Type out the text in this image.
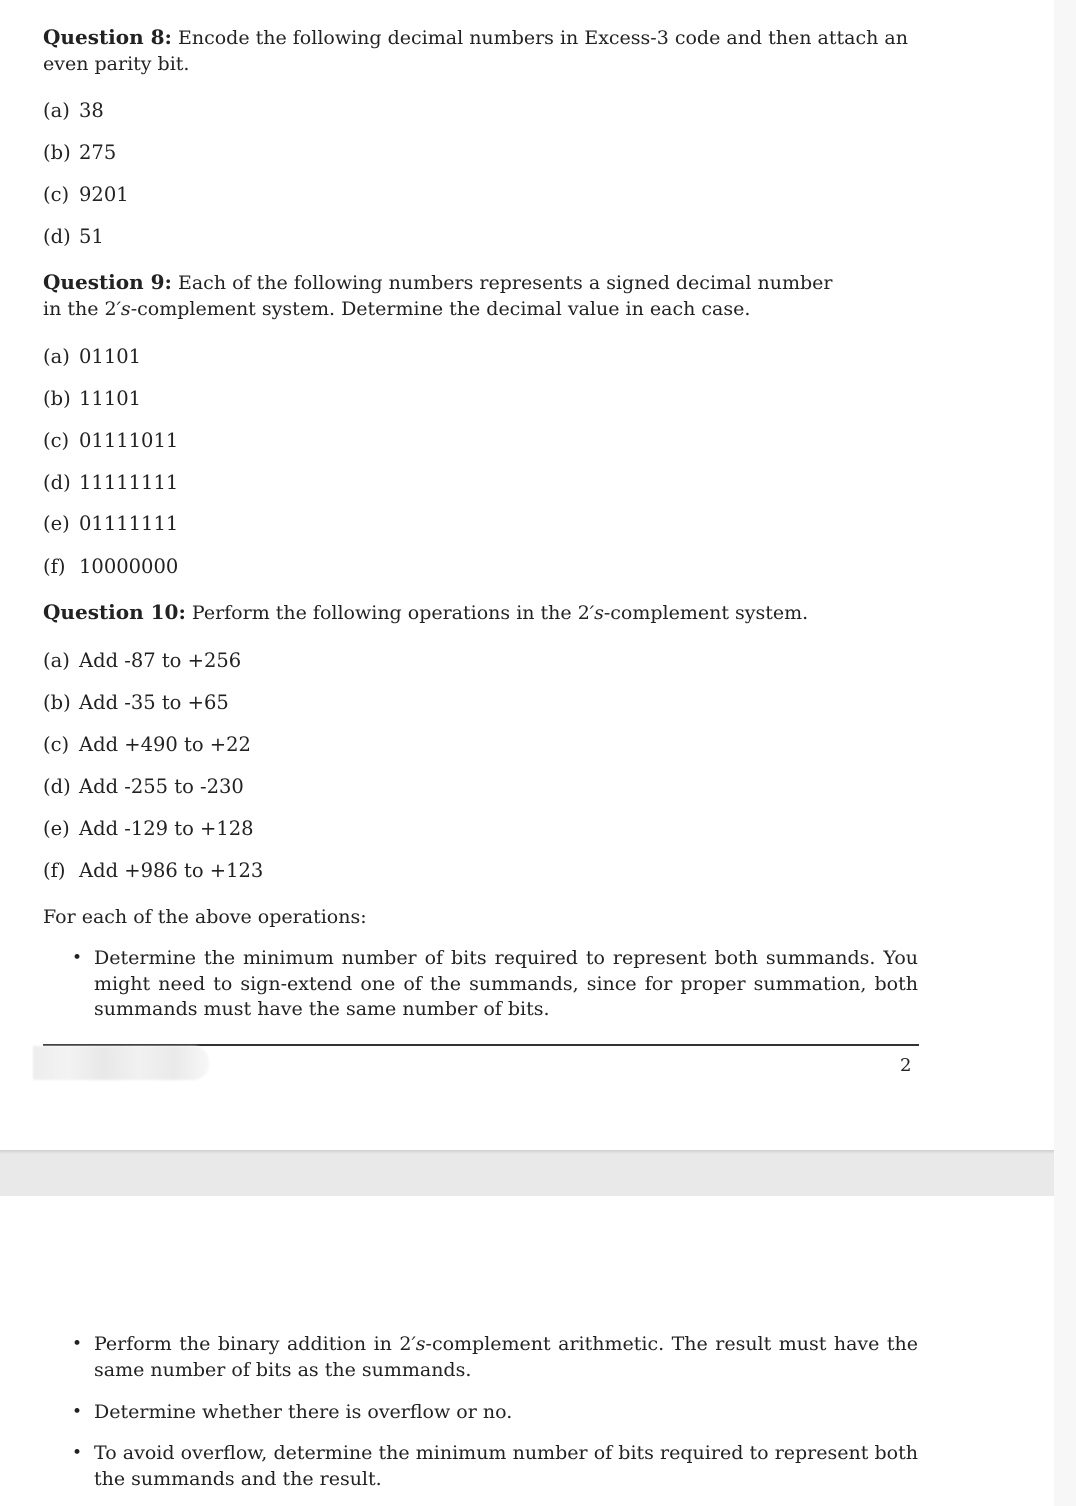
Question 8: Encode the following decimal numbers in Excess-3 code and then attach an even parity bit.
(a) 38
(b) 275
(c) 9201
(d) 51
Question 9: Each of the following numbers represents a signed decimal number in the 2′s-complement system. Determine the decimal value in each case.
(a) 01101
(b) 11101
(c) 01111011
(d) 11111111
(e) 01111111
(f) 10000000
Question 10: Perform the following operations in the 2′s-complement system.
(a) Add -87 to +256
(b) Add -35 to +65
(c) Add +490 to +22
(d) Add -255 to -230
(e) Add -129 to +128
(f) Add +986 to +123
For each of the above operations:
• Determine the minimum number of bits required to represent both summands. You might need to sign-extend one of the summands, since for proper summation, both summands must have the same number of bits.
2
• Perform the binary addition in 2′s-complement arithmetic. The result must have the same number of bits as the summands.
• Determine whether there is overflow or no.
• To avoid overflow, determine the minimum number of bits required to represent both the summands and the result.
